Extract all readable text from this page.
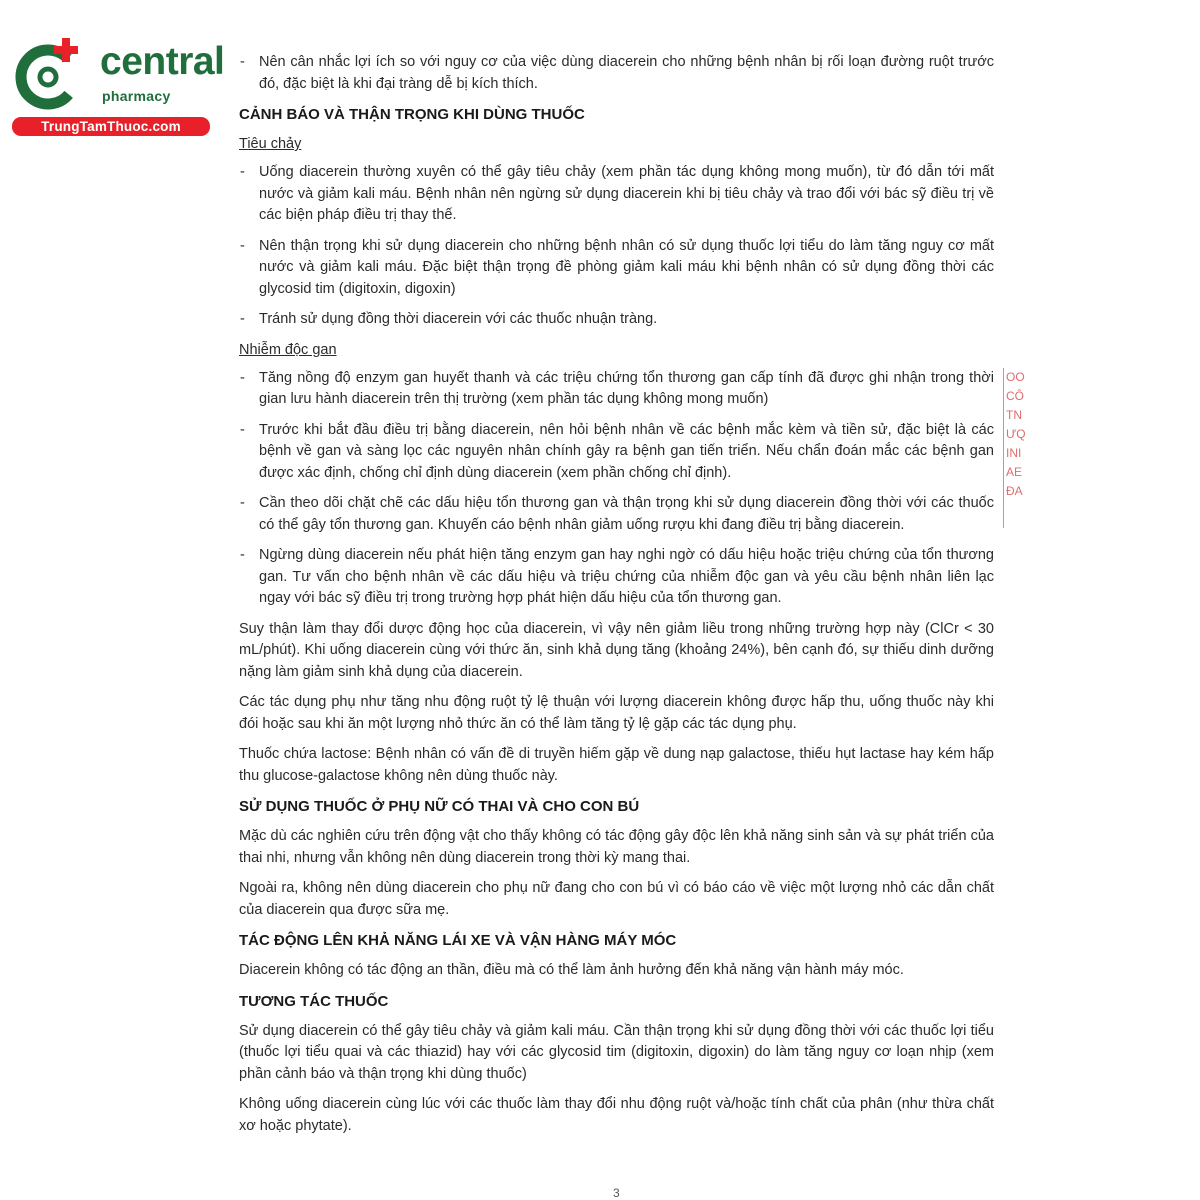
central
pharmacy
TrungTamThuoc.com
OO
CÔ
TN
ƯQ
INI
AE
ĐA
- Nên cân nhắc lợi ích so với nguy cơ của việc dùng diacerein cho những bệnh nhân bị rối loạn đường ruột trước đó, đặc biệt là khi đại tràng dễ bị kích thích.
CẢNH BÁO VÀ THẬN TRỌNG KHI DÙNG THUỐC
Tiêu chảy
- Uống diacerein thường xuyên có thể gây tiêu chảy (xem phần tác dụng không mong muốn), từ đó dẫn tới mất nước và giảm kali máu. Bệnh nhân nên ngừng sử dụng diacerein khi bị tiêu chảy và trao đổi với bác sỹ điều trị về các biện pháp điều trị thay thế.
- Nên thận trọng khi sử dụng diacerein cho những bệnh nhân có sử dụng thuốc lợi tiểu do làm tăng nguy cơ mất nước và giảm kali máu. Đặc biệt thận trọng đề phòng giảm kali máu khi bệnh nhân có sử dụng đồng thời các glycosid tim (digitoxin, digoxin)
- Tránh sử dụng đồng thời diacerein với các thuốc nhuận tràng.
Nhiễm độc gan
- Tăng nồng độ enzym gan huyết thanh và các triệu chứng tổn thương gan cấp tính đã được ghi nhận trong thời gian lưu hành diacerein trên thị trường (xem phần tác dụng không mong muốn)
- Trước khi bắt đầu điều trị bằng diacerein, nên hỏi bệnh nhân về các bệnh mắc kèm và tiền sử, đặc biệt là các bệnh về gan và sàng lọc các nguyên nhân chính gây ra bệnh gan tiến triển. Nếu chẩn đoán mắc các bệnh gan được xác định, chống chỉ định dùng diacerein (xem phần chống chỉ định).
- Cần theo dõi chặt chẽ các dấu hiệu tổn thương gan và thận trọng khi sử dụng diacerein đồng thời với các thuốc có thể gây tổn thương gan. Khuyến cáo bệnh nhân giảm uống rượu khi đang điều trị bằng diacerein.
- Ngừng dùng diacerein nếu phát hiện tăng enzym gan hay nghi ngờ có dấu hiệu hoặc triệu chứng của tổn thương gan. Tư vấn cho bệnh nhân về các dấu hiệu và triệu chứng của nhiễm độc gan và yêu cầu bệnh nhân liên lạc ngay với bác sỹ điều trị trong trường hợp phát hiện dấu hiệu của tổn thương gan.

Suy thận làm thay đổi dược động học của diacerein, vì vậy nên giảm liều trong những trường hợp này (ClCr < 30 mL/phút). Khi uống diacerein cùng với thức ăn, sinh khả dụng tăng (khoảng 24%), bên cạnh đó, sự thiếu dinh dưỡng nặng làm giảm sinh khả dụng của diacerein.

Các tác dụng phụ như tăng nhu động ruột tỷ lệ thuận với lượng diacerein không được hấp thu, uống thuốc này khi đói hoặc sau khi ăn một lượng nhỏ thức ăn có thể làm tăng tỷ lệ gặp các tác dụng phụ.

Thuốc chứa lactose: Bệnh nhân có vấn đề di truyền hiếm gặp về dung nạp galactose, thiếu hụt lactase hay kém hấp thu glucose-galactose không nên dùng thuốc này.

SỬ DỤNG THUỐC Ở PHỤ NỮ CÓ THAI VÀ CHO CON BÚ

Mặc dù các nghiên cứu trên động vật cho thấy không có tác động gây độc lên khả năng sinh sản và sự phát triển của thai nhi, nhưng vẫn không nên dùng diacerein trong thời kỳ mang thai.

Ngoài ra, không nên dùng diacerein cho phụ nữ đang cho con bú vì có báo cáo về việc một lượng nhỏ các dẫn chất của diacerein qua được sữa mẹ.

TÁC ĐỘNG LÊN KHẢ NĂNG LÁI XE VÀ VẬN HÀNG MÁY MÓC

Diacerein không có tác động an thần, điều mà có thể làm ảnh hưởng đến khả năng vận hành máy móc.

TƯƠNG TÁC THUỐC

Sử dụng diacerein có thể gây tiêu chảy và giảm kali máu. Cần thận trọng khi sử dụng đồng thời với các thuốc lợi tiểu (thuốc lợi tiểu quai và các thiazid) hay với các glycosid tim (digitoxin, digoxin) do làm tăng nguy cơ loạn nhịp (xem phần cảnh báo và thận trọng khi dùng thuốc)

Không uống diacerein cùng lúc với các thuốc làm thay đổi nhu động ruột và/hoặc tính chất của phân (như thừa chất xơ hoặc phytate).

3
